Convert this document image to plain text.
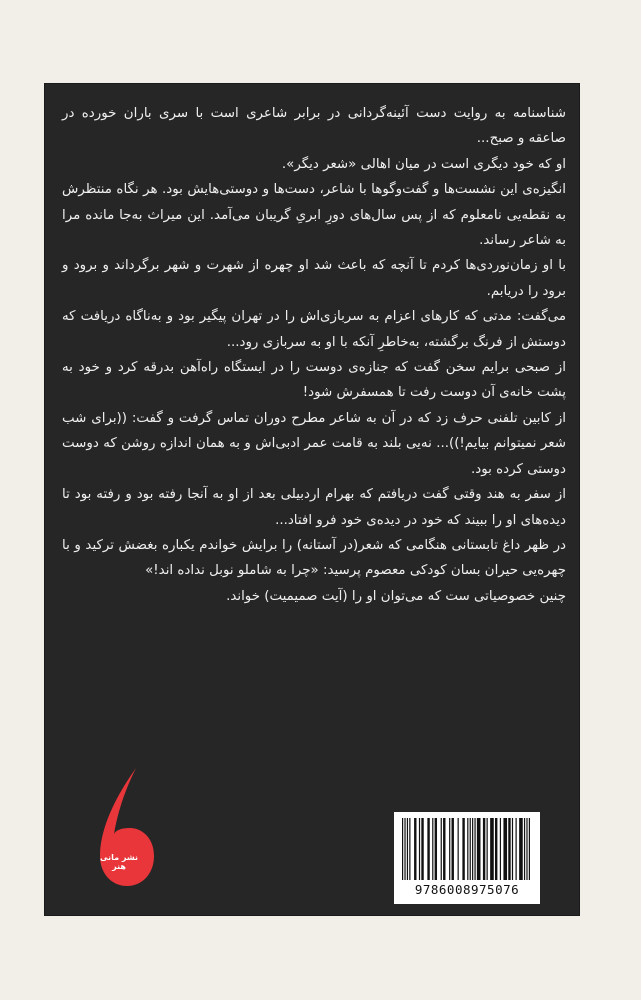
شناسنامه به روایت دست آئینه‌گردانی در برابر شاعری است با سری باران خورده در صاعقه و صبح...

او که خود دیگری است در میان اهالی «شعر دیگر».

انگیزه‌ی این نشست‌ها و گفت‌وگوها با شاعر، دست‌ها و دوستی‌هایش بود. هر نگاه منتظرش به نقطه‌یی نامعلوم که از پس سال‌های دورِ ابریِ گریبان می‌آمد. این میراث به‌جا مانده مرا به شاعر رساند.

با او زمان‌نوردی‌ها کردم تا آنچه که باعث شد او چهره از شهرت و شهر برگرداند و برود و برود را دریابم.

می‌گفت: مدتی که کارهای اعزام به سربازی‌اش را در تهران پیگیر بود و به‌ناگاه دریافت که دوستش از فرنگ برگشته، به‌خاطرِ آنکه با او به سربازی رود...

از صبحی برایم سخن گفت که جنازه‌ی دوست را در ایستگاه راه‌آهن بدرقه کرد و خود به پشت خانه‌ی آن دوست رفت تا همسفرش شود!

از کابین تلفنی حرف زد که در آن به شاعر مطرح دوران تماس گرفت و گفت: ((برای شب شعر نمیتوانم بیایم!))... نه‌یی بلند به قامت عمر ادبی‌اش و به همان اندازه روشن که دوست دوستی کرده بود.

از سفر به هند وقتی گفت دریافتم که بهرام اردبیلی بعد از او به آنجا رفته بود و رفته بود تا دیده‌های او را ببیند که خود در دیده‌ی خود فرو افتاد...

در ظهر داغ تابستانی هنگامی که شعر(در آستانه) را برایش خواندم یکباره بغضش ترکید و با چهره‌یی حیران بسان کودکی معصوم پرسید: «چرا به شاملو نوبل نداده اند!»

چنین خصوصیاتی ست که می‌توان او را (آیت صمیمیت) خواند.

نشر مانی هنر
9786008975076
